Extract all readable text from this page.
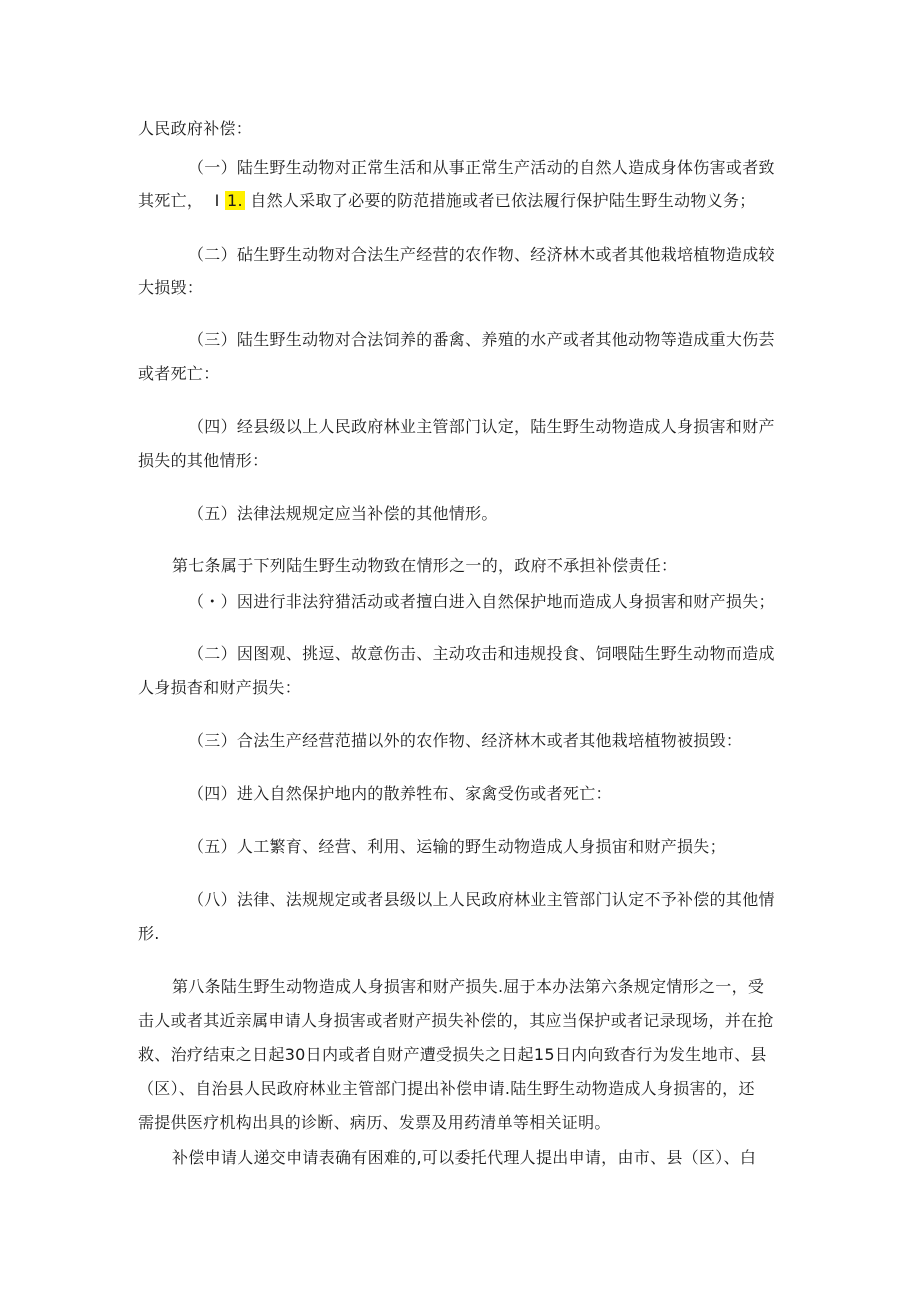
人民政府补偿：
（一）陆生野生动物对正常生活和从事正常生产活动的自然人造成身体伤害或者致
其死亡， I 1. 自然人采取了必要的防范措施或者已依法履行保护陆生野生动物义务；
（二）砧生野生动物对合法生产经营的农作物、经济林木或者其他栽培植物造成较
大损毁：
（三）陆生野生动物对合法饲养的番禽、养殖的水产或者其他动物等造成重大伤芸
或者死亡：
（四）经县级以上人民政府林业主管部门认定，陆生野生动物造成人身损害和财产
损失的其他情形：
（五）法律法规规定应当补偿的其他情形。
第七条属于下列陆生野生动物致在情形之一的，政府不承担补偿责任：
（・）因进行非法狩猎活动或者擅白进入自然保护地而造成人身损害和财产损失；
（二）因图观、挑逗、故意伤击、主动攻击和违规投食、饲喂陆生野生动物而造成
人身损杳和财产损失：
（三）合法生产经营范描以外的农作物、经济林木或者其他栽培植物被损毁：
（四）进入自然保护地内的散养牲布、家禽受伤或者死亡：
（五）人工繁育、经营、利用、运输的野生动物造成人身损宙和财产损失；
（八）法律、法规规定或者县级以上人民政府林业主管部门认定不予补偿的其他情
形.
第八条陆生野生动物造成人身损害和财产损失.屈于本办法第六条规定情形之一，受
击人或者其近亲属申请人身损害或者财产损失补偿的，其应当保护或者记录现场，并在抢
救、治疗结束之日起30日内或者自财产遭受损失之日起15日内向致杳行为发生地市、县
（区）、自治县人民政府林业主管部门提出补偿申请.陆生野生动物造成人身损害的，还
需提供医疗机构出具的诊断、病历、发票及用药清单等相关证明。
补偿申请人递交申请表确有困难的,可以委托代理人提出申请，由市、县（区）、白
